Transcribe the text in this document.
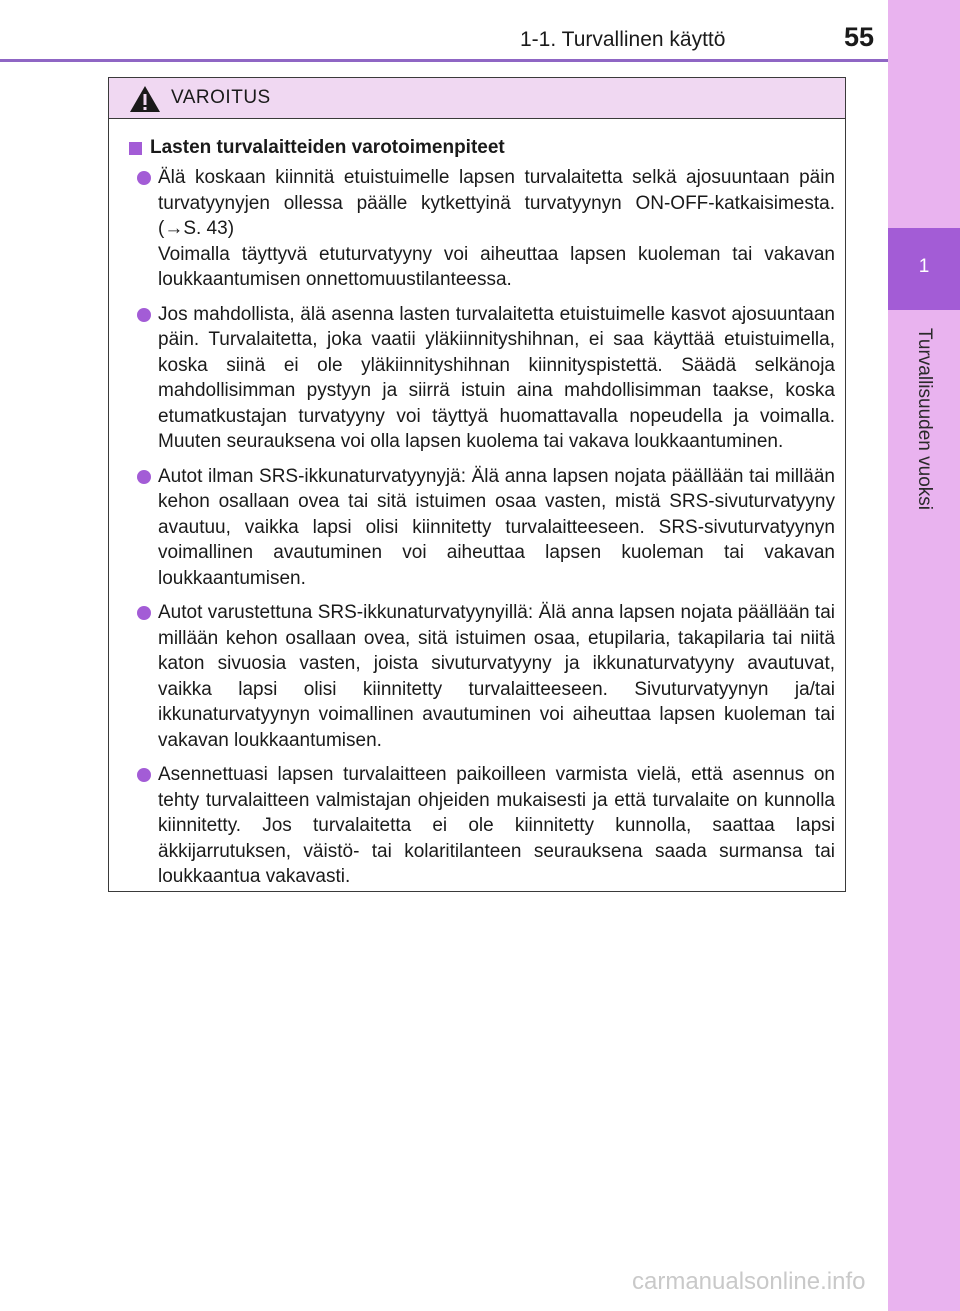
1-1. Turvallinen käyttö	55
1
Turvallisuuden vuoksi
VAROITUS
Lasten turvalaitteiden varotoimenpiteet

Älä koskaan kiinnitä etuistuimelle lapsen turvalaitetta selkä ajosuuntaan päin turvatyynyjen ollessa päälle kytkettyinä turvatyynyn ON-OFF-katkaisimesta. (→S. 43)

Voimalla täyttyvä etuturvatyyny voi aiheuttaa lapsen kuoleman tai vakavan loukkaantumisen onnettomuustilanteessa.

Jos mahdollista, älä asenna lasten turvalaitetta etuistuimelle kasvot ajosuuntaan päin. Turvalaitetta, joka vaatii yläkiinnityshihnan, ei saa käyttää etuistuimella, koska siinä ei ole yläkiinnityshihnan kiinnityspistettä. Säädä selkänoja mahdollisimman pystyyn ja siirrä istuin aina mahdollisimman taakse, koska etumatkustajan turvatyyny voi täyttyä huomattavalla nopeudella ja voimalla. Muuten seurauksena voi olla lapsen kuolema tai vakava loukkaantuminen.

Autot ilman SRS-ikkunaturvatyynyjä: Älä anna lapsen nojata päällään tai millään kehon osallaan ovea tai sitä istuimen osaa vasten, mistä SRS-sivuturvatyyny avautuu, vaikka lapsi olisi kiinnitetty turvalaitteeseen. SRS-sivuturvatyynyn voimallinen avautuminen voi aiheuttaa lapsen kuoleman tai vakavan loukkaantumisen.

Autot varustettuna SRS-ikkunaturvatyynyillä: Älä anna lapsen nojata päällään tai millään kehon osallaan ovea, sitä istuimen osaa, etupilaria, takapilaria tai niitä katon sivuosia vasten, joista sivuturvatyyny ja ikkunaturvatyyny avautuvat, vaikka lapsi olisi kiinnitetty turvalaitteeseen. Sivuturvatyynyn ja/tai ikkunaturvatyynyn voimallinen avautuminen voi aiheuttaa lapsen kuoleman tai vakavan loukkaantumisen.

Asennettuasi lapsen turvalaitteen paikoilleen varmista vielä, että asennus on tehty turvalaitteen valmistajan ohjeiden mukaisesti ja että turvalaite on kunnolla kiinnitetty. Jos turvalaitetta ei ole kiinnitetty kunnolla, saattaa lapsi äkkijarrutuksen, väistö- tai kolaritilanteen seurauksena saada surmansa tai loukkaantua vakavasti.

carmanualsonline.info
